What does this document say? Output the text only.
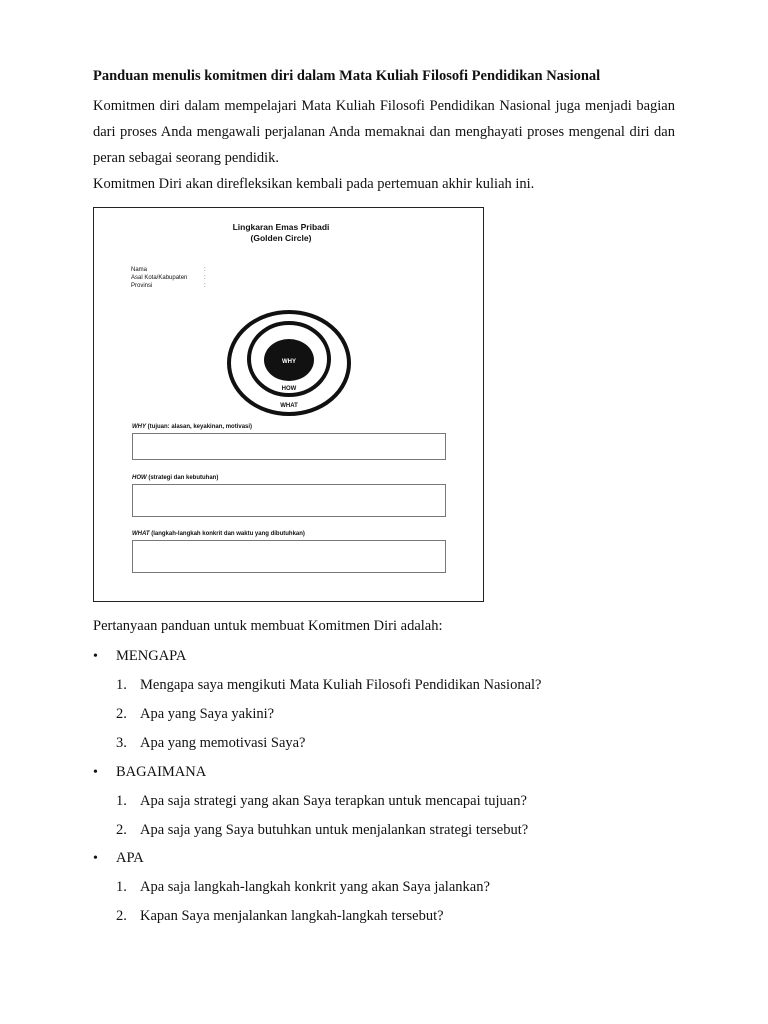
Panduan menulis komitmen diri dalam Mata Kuliah Filosofi Pendidikan Nasional
Komitmen diri dalam mempelajari Mata Kuliah Filosofi Pendidikan Nasional juga menjadi bagian dari proses Anda mengawali perjalanan Anda memaknai dan menghayati proses mengenal diri dan peran sebagai seorang pendidik.
Komitmen Diri akan direfleksikan kembali pada pertemuan akhir kuliah ini.
Lingkaran Emas Pribadi
(Golden Circle)
Nama	:
Asal Kota/Kabupaten	:
Provinsi	:
WHY
HOW
WHAT
WHY (tujuan: alasan, keyakinan, motivasi)
HOW (strategi dan kebutuhan)
WHAT (langkah-langkah konkrit dan waktu yang dibutuhkan)
Pertanyaan panduan untuk membuat Komitmen Diri adalah:
• MENGAPA
1. Mengapa saya mengikuti Mata Kuliah Filosofi Pendidikan Nasional?
2. Apa yang Saya yakini?
3. Apa yang memotivasi Saya?
• BAGAIMANA
1. Apa saja strategi yang akan Saya terapkan untuk mencapai tujuan?
2. Apa saja yang Saya butuhkan untuk menjalankan strategi tersebut?
• APA
1. Apa saja langkah-langkah konkrit yang akan Saya jalankan?
2. Kapan Saya menjalankan langkah-langkah tersebut?
